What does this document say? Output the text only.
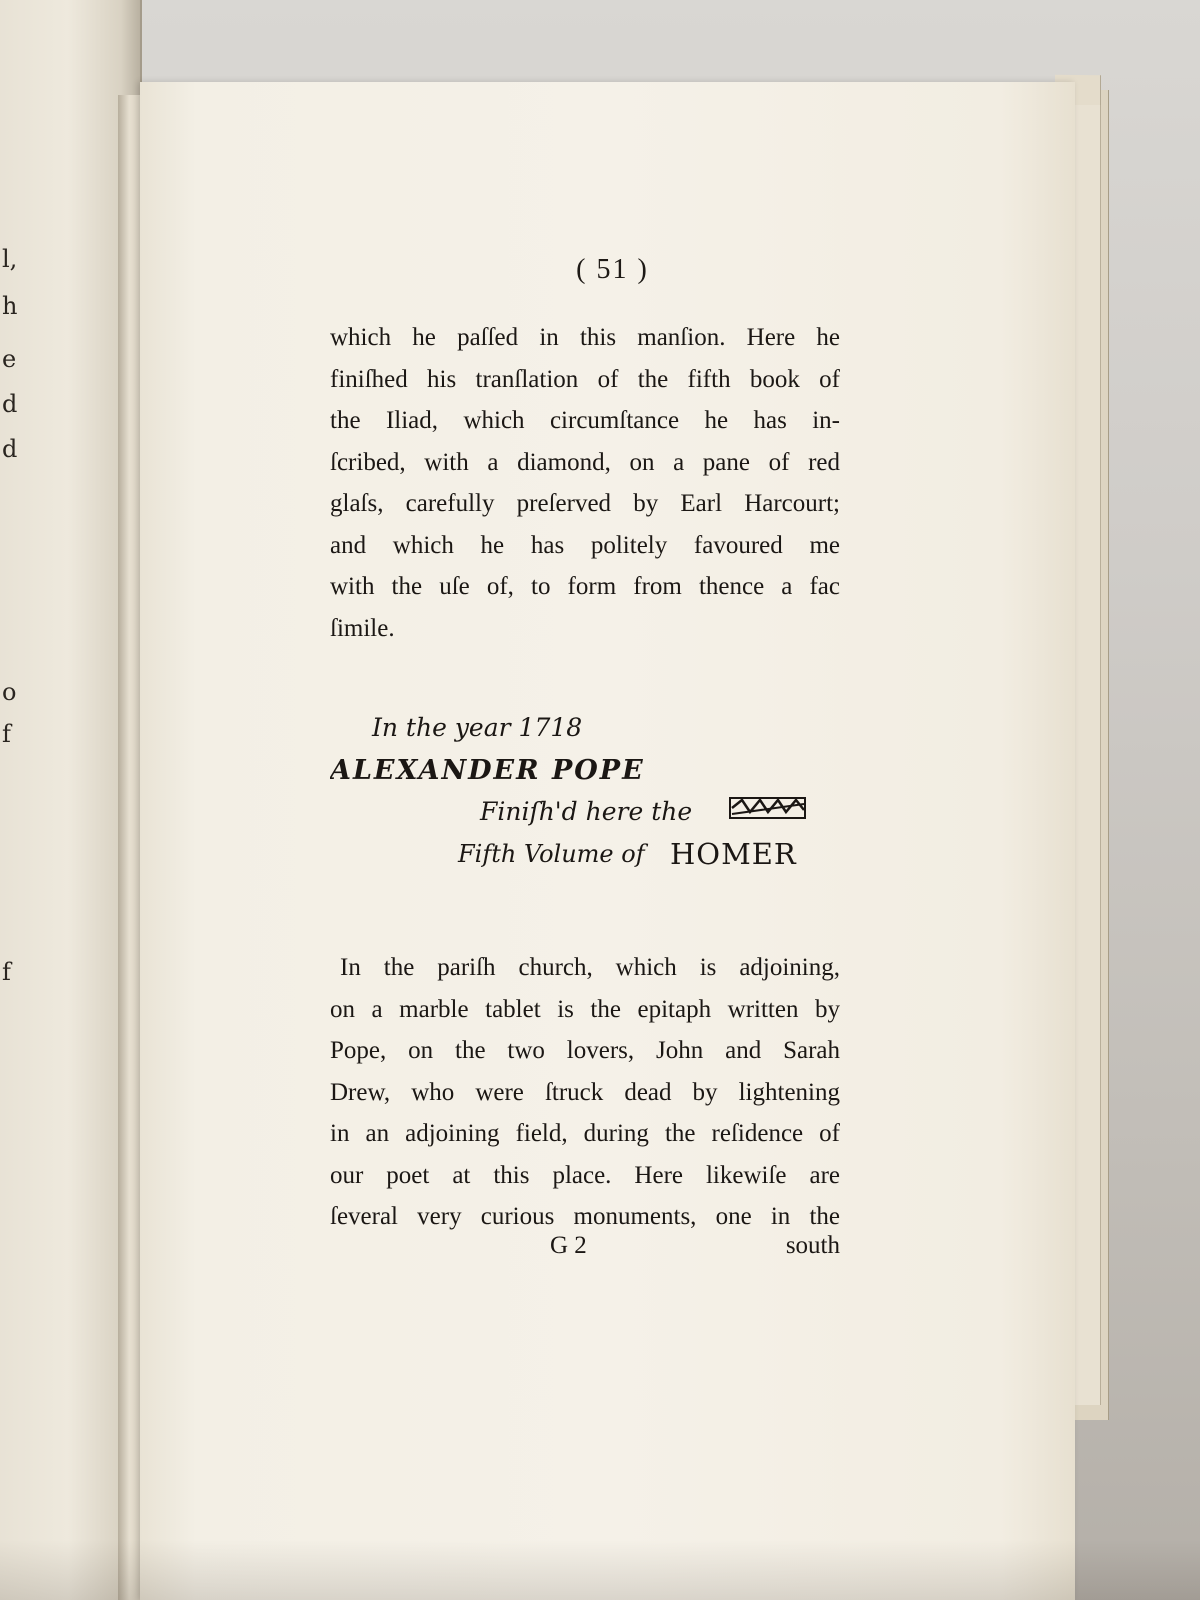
l,
h
e
d
d
o
f
f
( 51 )
which he paſſed in this manſion. Here he
finiſhed his tranſlation of the fifth book of
the Iliad, which circumſtance he has in-
ſcribed, with a diamond, on a pane of red
glaſs, carefully preſerved by Earl Harcourt;
and which he has politely favoured me
with the uſe of, to form from thence a fac
ſimile.
In the year 1718
ALEXANDER POPE
Finiſh'd here the
Fifth Volume of HOMER
In the pariſh church, which is adjoining,
on a marble tablet is the epitaph written by
Pope, on the two lovers, John and Sarah
Drew, who were ſtruck dead by lightening
in an adjoining field, during the reſidence of
our poet at this place. Here likewiſe are
ſeveral very curious monuments, one in the
G 2	south
